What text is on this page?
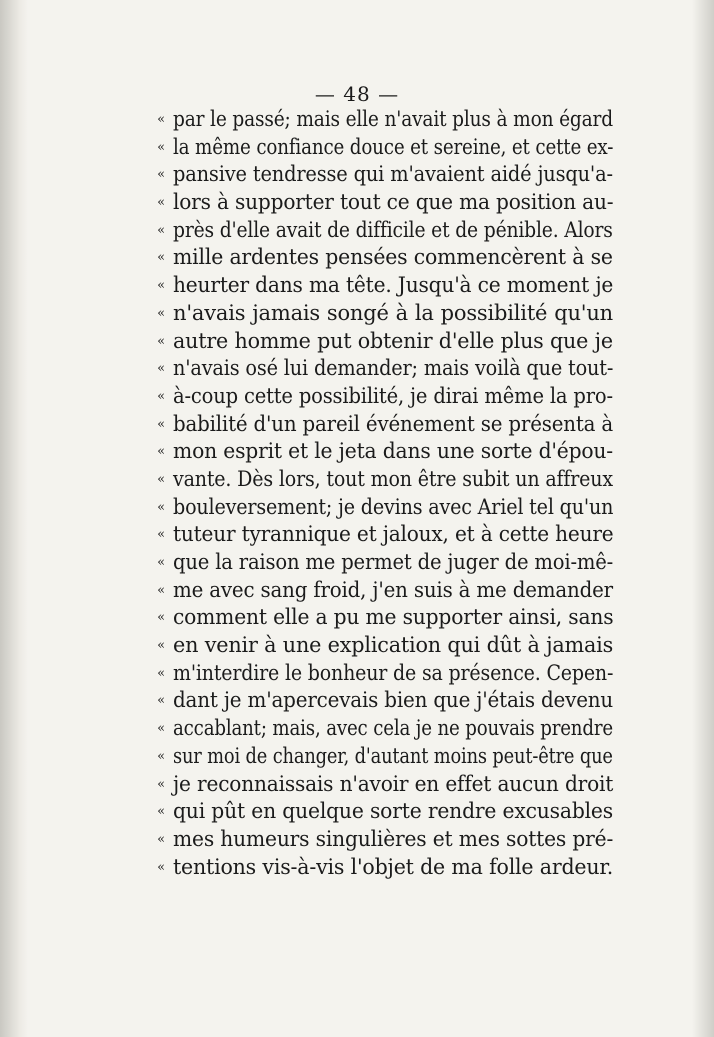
— 48 —
« par le passé; mais elle n'avait plus à mon égard
« la même confiance douce et sereine, et cette ex-
« pansive tendresse qui m'avaient aidé jusqu'a-
« lors à supporter tout ce que ma position au-
« près d'elle avait de difficile et de pénible. Alors
« mille ardentes pensées commencèrent à se
« heurter dans ma tête. Jusqu'à ce moment je
« n'avais jamais songé à la possibilité qu'un
« autre homme put obtenir d'elle plus que je
« n'avais osé lui demander; mais voilà que tout-
« à-coup cette possibilité, je dirai même la pro-
« babilité d'un pareil événement se présenta à
« mon esprit et le jeta dans une sorte d'épou-
« vante. Dès lors, tout mon être subit un affreux
« bouleversement; je devins avec Ariel tel qu'un
« tuteur tyrannique et jaloux, et à cette heure
« que la raison me permet de juger de moi-mê-
« me avec sang froid, j'en suis à me demander
« comment elle a pu me supporter ainsi, sans
« en venir à une explication qui dût à jamais
« m'interdire le bonheur de sa présence. Cepen-
« dant je m'apercevais bien que j'étais devenu
« accablant; mais, avec cela je ne pouvais prendre
« sur moi de changer, d'autant moins peut-être que
« je reconnaissais n'avoir en effet aucun droit
« qui pût en quelque sorte rendre excusables
« mes humeurs singulières et mes sottes pré-
« tentions vis-à-vis l'objet de ma folle ardeur.
